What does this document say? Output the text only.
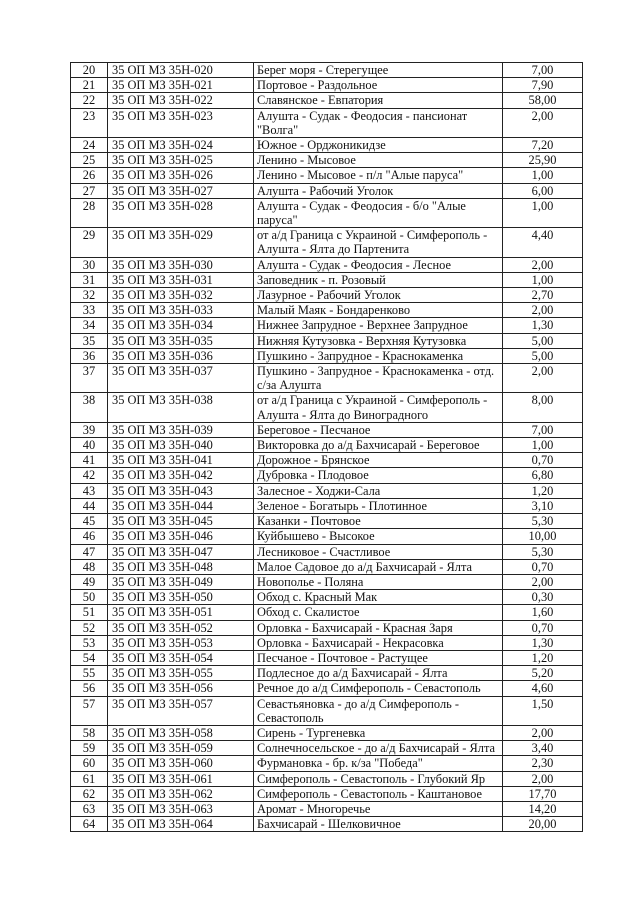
20	35 ОП МЗ 35Н-020	Берег моря - Стерегущее	7,00
21	35 ОП МЗ 35Н-021	Портовое - Раздольное	7,90
22	35 ОП МЗ 35Н-022	Славянское - Евпатория	58,00
23	35 ОП МЗ 35Н-023	Алушта - Судак - Феодосия - пансионат "Волга"	2,00
24	35 ОП МЗ 35Н-024	Южное - Орджоникидзе	7,20
25	35 ОП МЗ 35Н-025	Ленино - Мысовое	25,90
26	35 ОП МЗ 35Н-026	Ленино - Мысовое - п/л "Алые паруса"	1,00
27	35 ОП МЗ 35Н-027	Алушта - Рабочий Уголок	6,00
28	35 ОП МЗ 35Н-028	Алушта - Судак - Феодосия - б/о "Алые паруса"	1,00
29	35 ОП МЗ 35Н-029	от а/д Граница с Украиной - Симферополь - Алушта - Ялта до Партенита	4,40
30	35 ОП МЗ 35Н-030	Алушта - Судак - Феодосия - Лесное	2,00
31	35 ОП МЗ 35Н-031	Заповедник - п. Розовый	1,00
32	35 ОП МЗ 35Н-032	Лазурное - Рабочий Уголок	2,70
33	35 ОП МЗ 35Н-033	Малый Маяк - Бондаренково	2,00
34	35 ОП МЗ 35Н-034	Нижнее Запрудное - Верхнее Запрудное	1,30
35	35 ОП МЗ 35Н-035	Нижняя Кутузовка - Верхняя Кутузовка	5,00
36	35 ОП МЗ 35Н-036	Пушкино - Запрудное - Краснокаменка	5,00
37	35 ОП МЗ 35Н-037	Пушкино - Запрудное - Краснокаменка - отд. с/за Алушта	2,00
38	35 ОП МЗ 35Н-038	от а/д Граница с Украиной - Симферополь - Алушта - Ялта до Виноградного	8,00
39	35 ОП МЗ 35Н-039	Береговое - Песчаное	7,00
40	35 ОП МЗ 35Н-040	Викторовка до а/д Бахчисарай - Береговое	1,00
41	35 ОП МЗ 35Н-041	Дорожное - Брянское	0,70
42	35 ОП МЗ 35Н-042	Дубровка - Плодовое	6,80
43	35 ОП МЗ 35Н-043	Залесное - Ходжи-Сала	1,20
44	35 ОП МЗ 35Н-044	Зеленое - Богатырь - Плотинное	3,10
45	35 ОП МЗ 35Н-045	Казанки - Почтовое	5,30
46	35 ОП МЗ 35Н-046	Куйбышево - Высокое	10,00
47	35 ОП МЗ 35Н-047	Лесниковое - Счастливое	5,30
48	35 ОП МЗ 35Н-048	Малое Садовое до а/д Бахчисарай - Ялта	0,70
49	35 ОП МЗ 35Н-049	Новополье - Поляна	2,00
50	35 ОП МЗ 35Н-050	Обход с. Красный Мак	0,30
51	35 ОП МЗ 35Н-051	Обход с. Скалистое	1,60
52	35 ОП МЗ 35Н-052	Орловка - Бахчисарай - Красная Заря	0,70
53	35 ОП МЗ 35Н-053	Орловка - Бахчисарай - Некрасовка	1,30
54	35 ОП МЗ 35Н-054	Песчаное - Почтовое - Растущее	1,20
55	35 ОП МЗ 35Н-055	Подлесное до а/д Бахчисарай - Ялта	5,20
56	35 ОП МЗ 35Н-056	Речное до а/д Симферополь - Севастополь	4,60
57	35 ОП МЗ 35Н-057	Севастьяновка - до а/д Симферополь - Севастополь	1,50
58	35 ОП МЗ 35Н-058	Сирень - Тургеневка	2,00
59	35 ОП МЗ 35Н-059	Солнечносельское - до а/д Бахчисарай - Ялта	3,40
60	35 ОП МЗ 35Н-060	Фурмановка - бр. к/за "Победа"	2,30
61	35 ОП МЗ 35Н-061	Симферополь - Севастополь - Глубокий Яр	2,00
62	35 ОП МЗ 35Н-062	Симферополь - Севастополь - Каштановое	17,70
63	35 ОП МЗ 35Н-063	Аромат - Многоречье	14,20
64	35 ОП МЗ 35Н-064	Бахчисарай - Шелковичное	20,00
